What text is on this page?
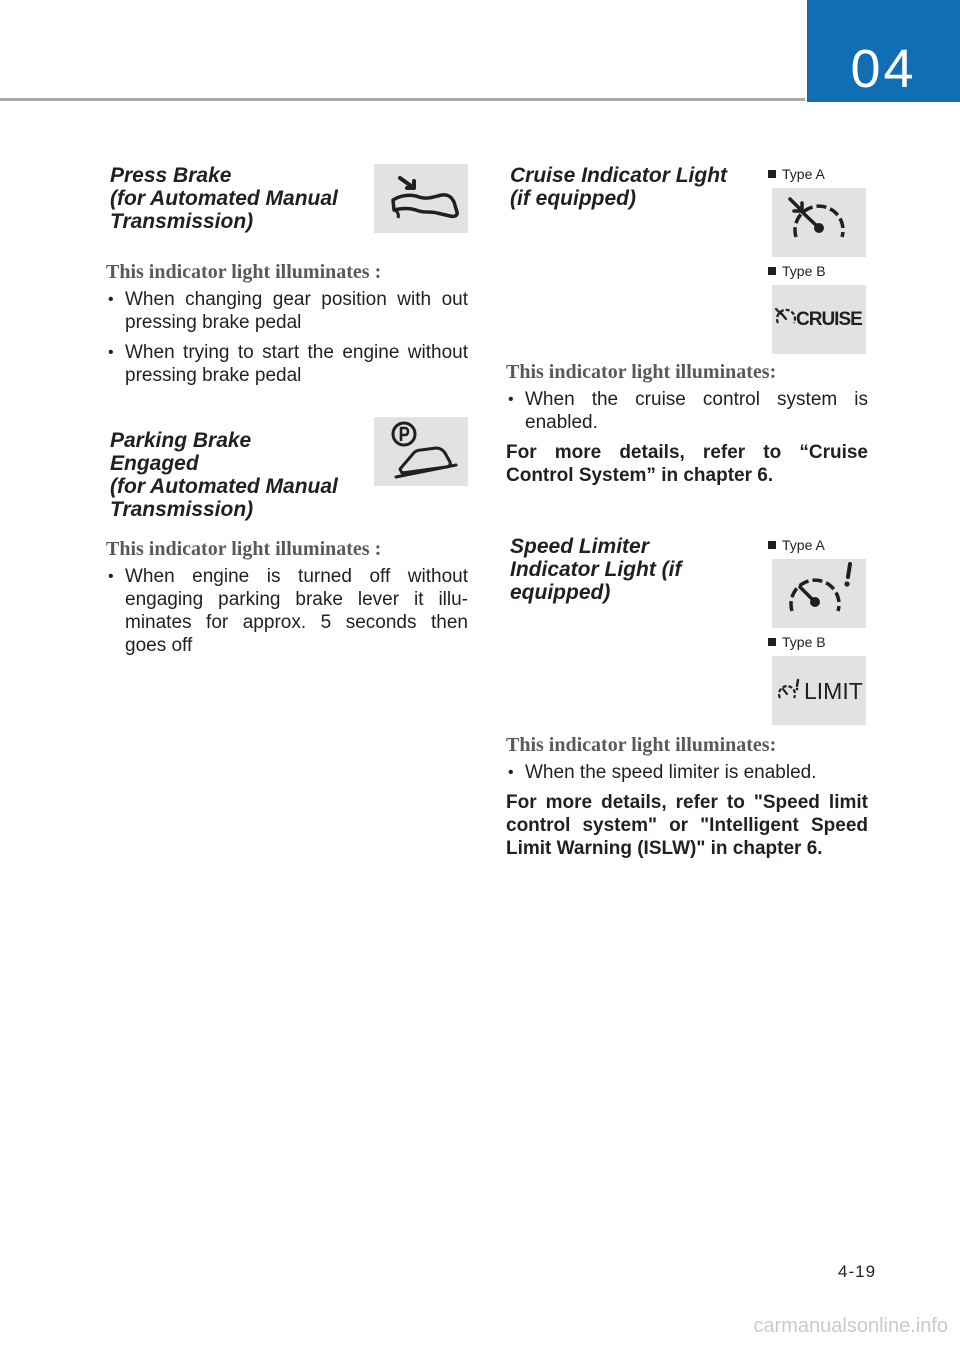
04
Press Brake
(for Automated Manual
Transmission)
This indicator light illuminates :
• When changing gear position with out pressing brake pedal
• When trying to start the engine without pressing brake pedal
Parking Brake
Engaged
(for Automated Manual
Transmission)
This indicator light illuminates :
• When engine is turned off without engaging parking brake lever it illu-minates for approx. 5 seconds then goes off
Cruise Indicator Light
(if equipped)
Type A
Type B
CRUISE
This indicator light illuminates:
• When the cruise control system is enabled.

For more details, refer to “Cruise Control System” in chapter 6.

Speed Limiter
Indicator Light (if
equipped)
Type A
Type B
LIMIT
This indicator light illuminates:
• When the speed limiter is enabled.

For more details, refer to "Speed limit control system" or "Intelligent Speed Limit Warning (ISLW)" in chapter 6.

4-19
carmanualsonline.info
